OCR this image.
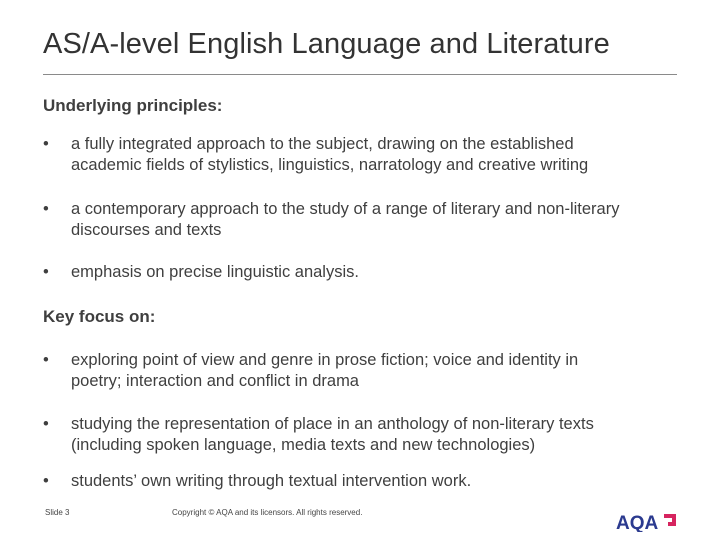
AS/A-level English Language and Literature
Underlying principles:
•	a fully integrated approach to the subject, drawing on the established
academic fields of stylistics, linguistics, narratology and creative writing
•	a contemporary approach to the study of a range of literary and non-literary
discourses and texts
•	emphasis on precise linguistic analysis.
Key focus on:
•	exploring point of view and genre in prose fiction; voice and identity in
poetry; interaction and conflict in drama
•	studying the representation of place in an anthology of non-literary texts
(including spoken language, media texts and new technologies)
•	students’ own writing through textual intervention work.
Slide 3	Copyright © AQA and its licensors. All rights reserved.
AQA
